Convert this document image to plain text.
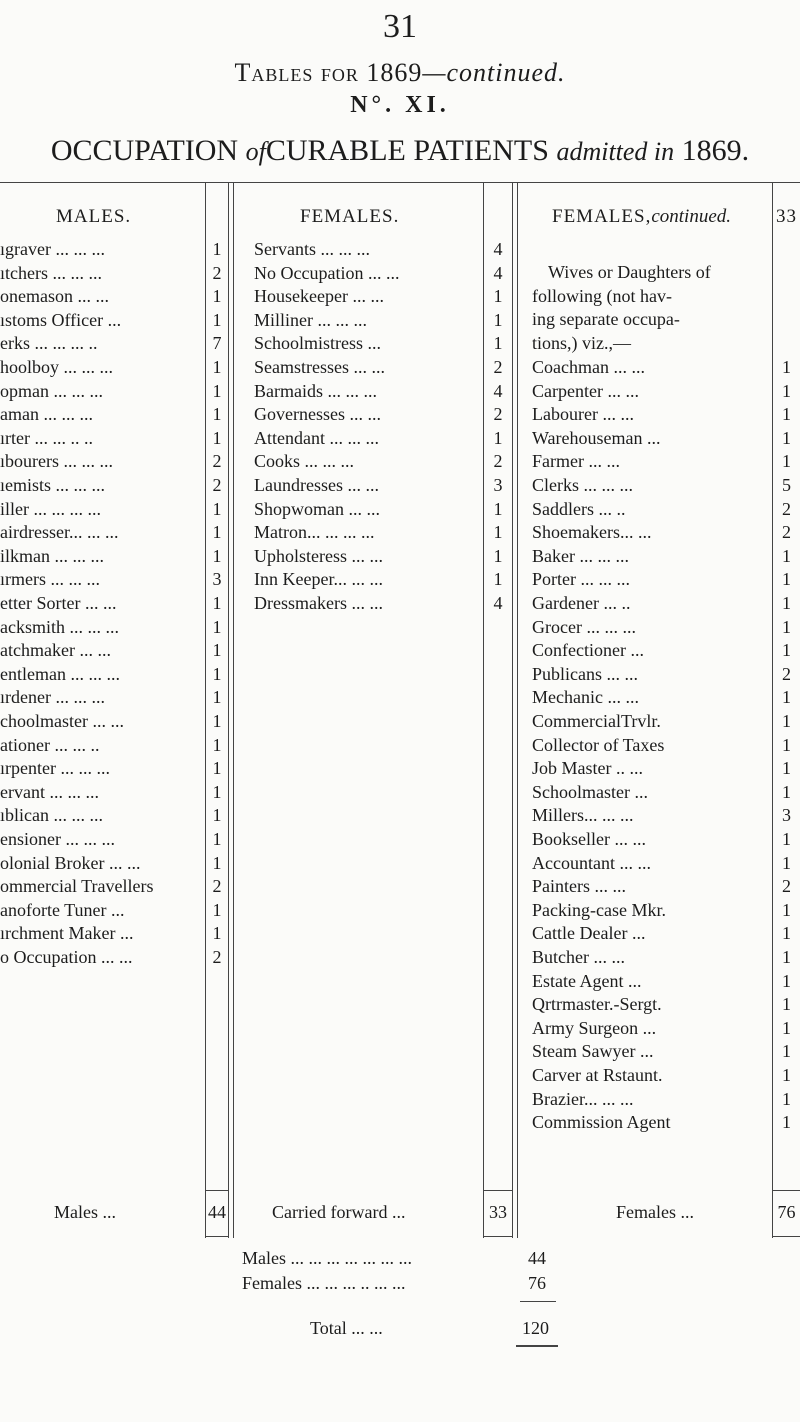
31
Tables for 1869—continued.
N°. XI.
OCCUPATION ofCURABLE PATIENTS admitted in 1869.
MALES.	FEMALES.	FEMALES,continued. 33
ıgraver ... ... ...	1
ıtchers ... ... ...	2
onemason ... ...	1
ıstoms Officer ...	1
erks ... ... ... ..	7
hoolboy ... ... ...	1
opman ... ... ...	1
aman ... ... ...	1
ırter ... ... .. ..	1
ıbourers ... ... ...	2
ıemists ... ... ...	2
iller ... ... ... ...	1
airdresser... ... ...	1
ilkman ... ... ...	1
ırmers ... ... ...	3
etter Sorter ... ...	1
acksmith ... ... ...	1
atchmaker ... ...	1
entleman ... ... ...	1
ırdener ... ... ...	1
choolmaster ... ...	1
ationer ... ... ..	1
ırpenter ... ... ...	1
ervant ... ... ...	1
ıblican ... ... ...	1
ensioner ... ... ...	1
olonial Broker ... ...	1
ommercial Travellers	2
anoforte Tuner ...	1
ırchment Maker ...	1
o Occupation ... ...	2
Servants ... ... ...	4
No Occupation ... ...	4
Housekeeper ... ...	1
Milliner ... ... ...	1
Schoolmistress ...	1
Seamstresses ... ...	2
Barmaids ... ... ...	4
Governesses ... ...	2
Attendant ... ... ...	1
Cooks ... ... ...	2
Laundresses ... ...	3
Shopwoman ... ...	1
Matron... ... ... ...	1
Upholsteress ... ...	1
Inn Keeper... ... ...	1
Dressmakers ... ...	4
Wives or Daughters of
following (not hav-
ing separate occupa-
tions,) viz.,—
Coachman ... ...	1
Carpenter ... ...	1
Labourer ... ...	1
Warehouseman ...	1
Farmer ... ...	1
Clerks ... ... ...	5
Saddlers ... ..	2
Shoemakers... ...	2
Baker ... ... ...	1
Porter ... ... ...	1
Gardener ... ..	1
Grocer ... ... ...	1
Confectioner ...	1
Publicans ... ...	2
Mechanic ... ...	1
CommercialTrvlr.	1
Collector of Taxes	1
Job Master .. ...	1
Schoolmaster ...	1
Millers... ... ...	3
Bookseller ... ...	1
Accountant ... ...	1
Painters ... ...	2
Packing-case Mkr.	1
Cattle Dealer ...	1
Butcher ... ...	1
Estate Agent ...	1
Qrtrmaster.-Sergt.	1
Army Surgeon ...	1
Steam Sawyer ...	1
Carver at Rstaunt.	1
Brazier... ... ...	1
Commission Agent	1
Males ...	44	Carried forward ...	33	Females ...	76
Males ... ... ... ... ... ... ...	44
Females ... ... ... .. ... ...	76
Total ... ...	120
